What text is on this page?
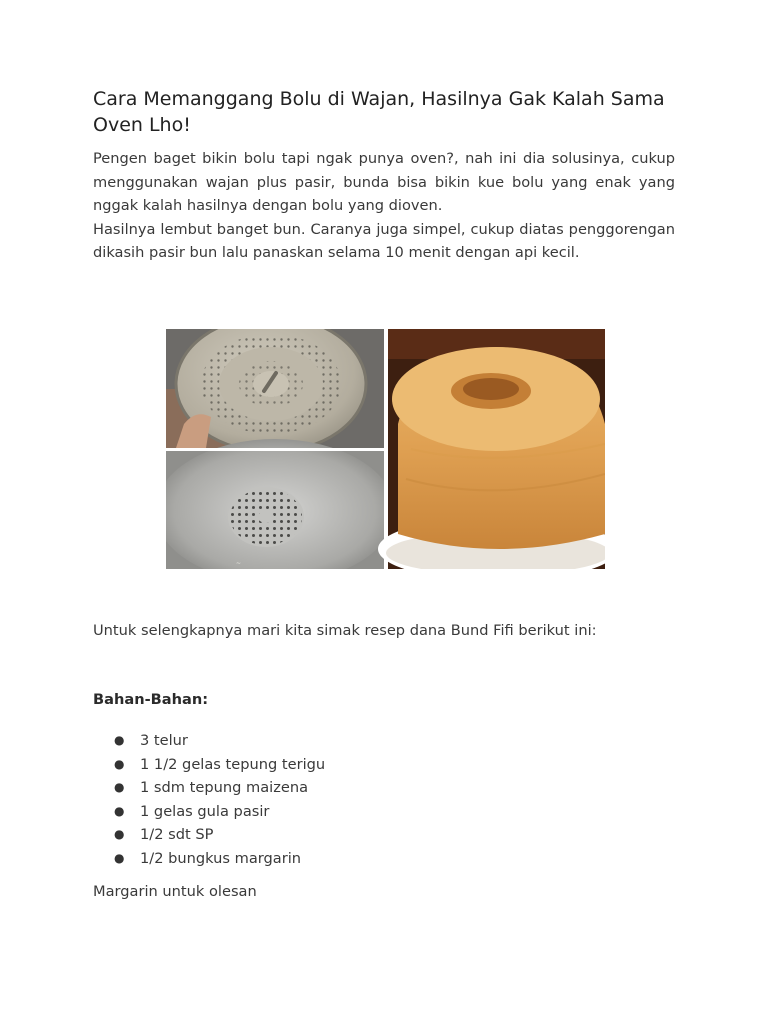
Cara Memanggang Bolu di Wajan, Hasilnya Gak Kalah Sama Oven Lho!

Pengen baget bikin bolu tapi ngak punya oven?, nah ini dia solusinya, cukup menggunakan wajan plus pasir, bunda bisa bikin kue bolu yang enak yang nggak kalah hasilnya dengan bolu yang dioven.

Hasilnya lembut banget bun. Caranya juga simpel, cukup diatas penggorengan dikasih pasir bun lalu panaskan selama 10 menit dengan api kecil.

~

Untuk selengkapnya mari kita simak resep dana Bund Fifi berikut ini:

Bahan-Bahan:
● 3 telur
● 1 1/2 gelas tepung terigu
● 1 sdm tepung maizena
● 1 gelas gula pasir
● 1/2 sdt SP
● 1/2 bungkus margarin

Margarin untuk olesan
